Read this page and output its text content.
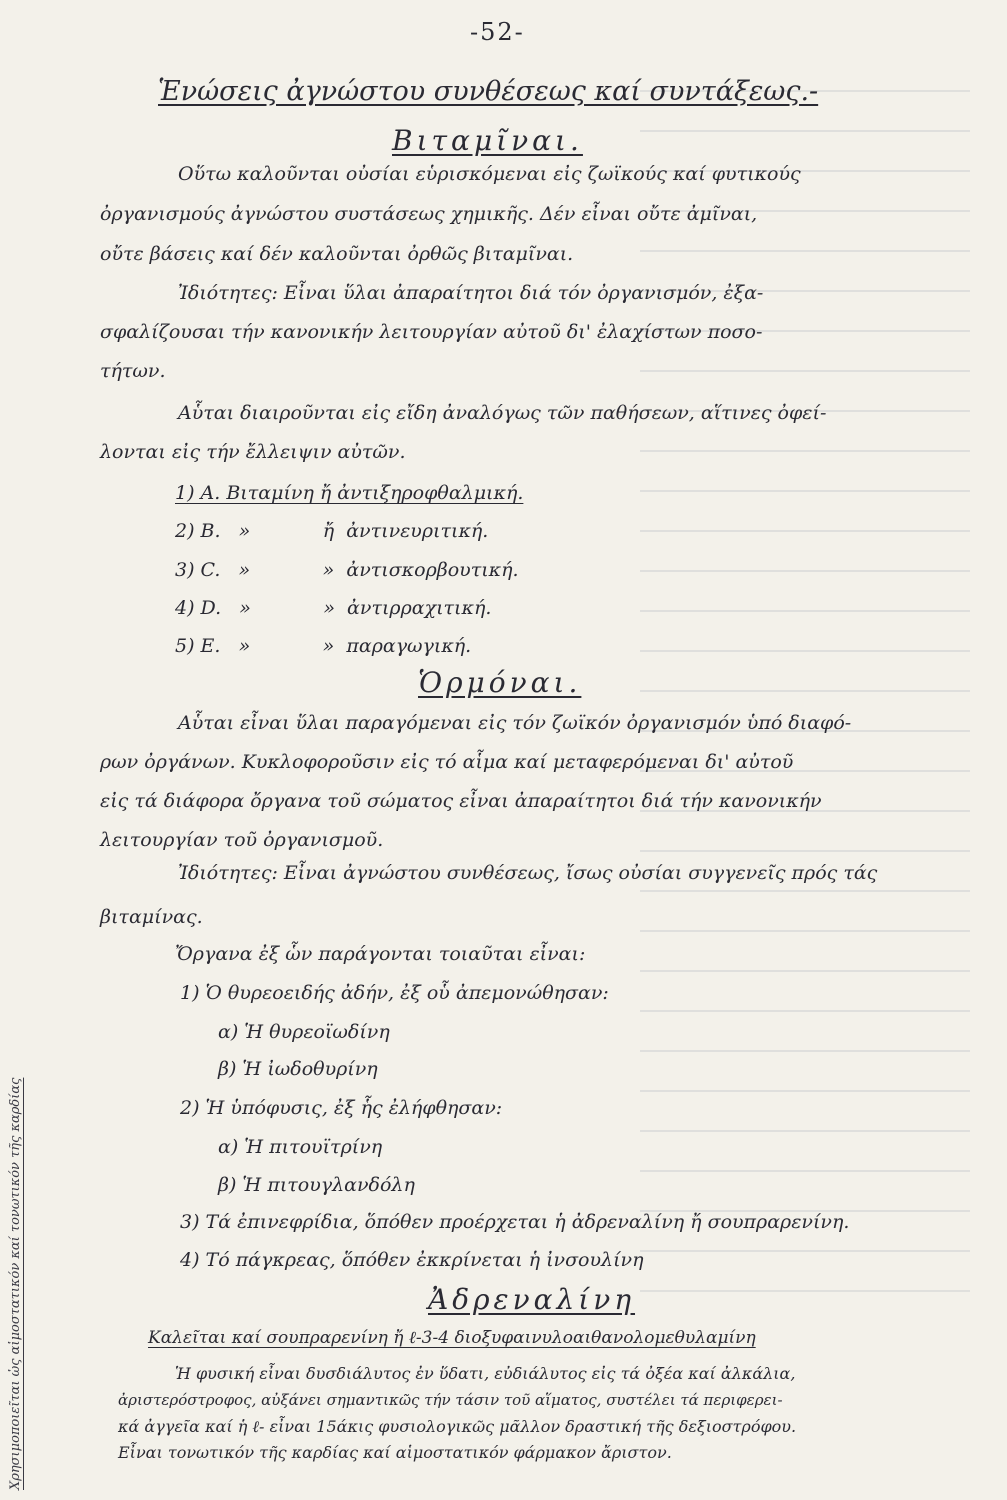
-52-
Ἑνώσεις ἀγνώστου συνθέσεως καί συντάξεως.-
Βιταμῖναι.
Οὕτω καλοῦνται οὐσίαι εὑρισκόμεναι εἰς ζωϊκούς καί φυτικούς
ὀργανισμούς ἀγνώστου συστάσεως χημικῆς. Δέν εἶναι οὔτε ἀμῖναι,
οὔτε βάσεις καί δέν καλοῦνται ὀρθῶς βιταμῖναι.
Ἰδιότητες: Εἶναι ὕλαι ἀπαραίτητοι διά τόν ὀργανισμόν, ἐξα-
σφαλίζουσαι τήν κανονικήν λειτουργίαν αὐτοῦ δι' ἐλαχίστων ποσο-
τήτων.
Αὗται διαιροῦνται εἰς εἴδη ἀναλόγως τῶν παθήσεων, αἵτινες ὀφεί-
λονται εἰς τήν ἔλλειψιν αὐτῶν.
1) Α. Βιταμίνη ἤ ἀντιξηροφθαλμική.
2) Β.   »            ἤ  ἀντινευριτική.
3) C.   »            »  ἀντισκορβουτική.
4) D.   »            »  ἀντιρραχιτική.
5) Ε.   »            »  παραγωγική.
Ὁρμόναι.
Αὗται εἶναι ὕλαι παραγόμεναι εἰς τόν ζωϊκόν ὀργανισμόν ὑπό διαφό-
ρων ὀργάνων. Κυκλοφοροῦσιν εἰς τό αἷμα καί μεταφερόμεναι δι' αὐτοῦ
εἰς τά διάφορα ὄργανα τοῦ σώματος εἶναι ἀπαραίτητοι διά τήν κανονικήν
λειτουργίαν τοῦ ὀργανισμοῦ.
Ἰδιότητες: Εἶναι ἀγνώστου συνθέσεως, ἴσως οὐσίαι συγγενεῖς πρός τάς
βιταμίνας.
Ὄργανα ἐξ ὧν παράγονται τοιαῦται εἶναι:
1) Ὁ θυρεοειδής ἀδήν, ἐξ οὗ ἀπεμονώθησαν:
α) Ἡ θυρεοϊωδίνη
β) Ἡ ἰωδοθυρίνη
2) Ἡ ὑπόφυσις, ἐξ ἧς ἐλήφθησαν:
α) Ἡ πιτουϊτρίνη
β) Ἡ πιτουγλανδόλη
3) Τά ἐπινεφρίδια, ὅπόθεν προέρχεται ἡ ἀδρεναλίνη ἤ σουπραρενίνη.
4) Τό πάγκρεας, ὅπόθεν ἐκκρίνεται ἡ ἰνσουλίνη
Ἀδρεναλίνη
Καλεῖται καί σουπραρενίνη ἤ ℓ-3-4 διοξυφαινυλοαιθανολομεθυλαμίνη
Ἡ φυσική εἶναι δυσδιάλυτος ἐν ὕδατι, εὐδιάλυτος εἰς τά ὀξέα καί ἀλκάλια,
ἀριστερόστροφος, αὐξάνει σημαντικῶς τήν τάσιν τοῦ αἵματος, συστέλει τά περιφερει-
κά ἀγγεῖα καί ἡ ℓ- εἶναι 15άκις φυσιολογικῶς μᾶλλον δραστική τῆς δεξιοστρόφου.
Εἶναι τονωτικόν τῆς καρδίας καί αἱμοστατικόν φάρμακον ἄριστον.
Χρησιμοποιεῖται ὡς αἱμοστατικόν καί τονωτικόν τῆς καρδίας
